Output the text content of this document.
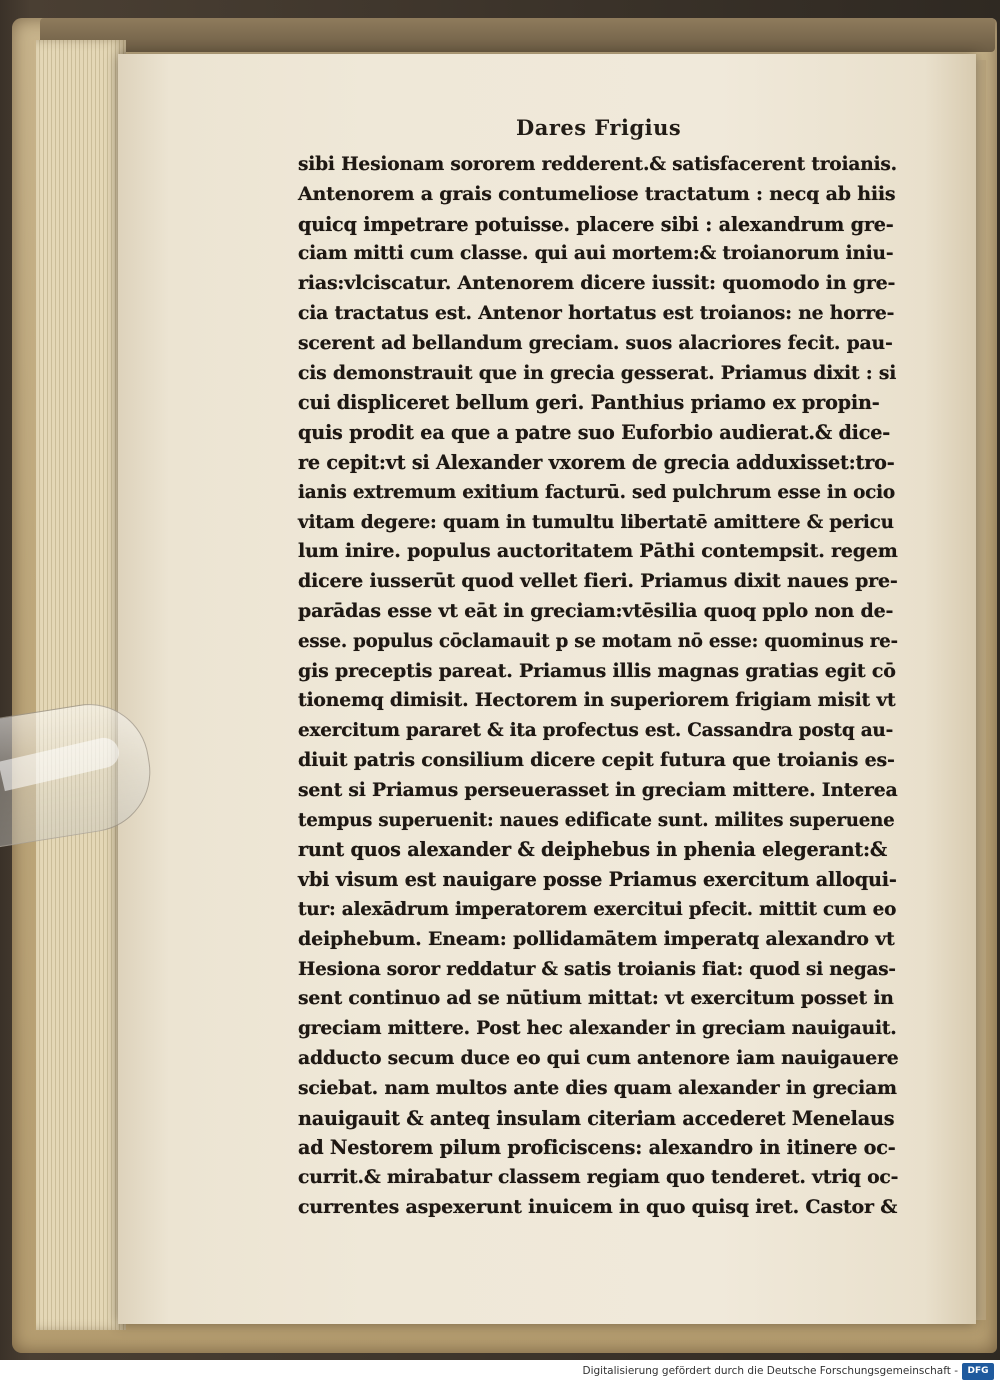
Dares Frigius

sibi Hesionam sororem redderent.& satisfacerent troianis.
Antenorem a grais contumeliose tractatum : necq ab hiis
quicq impetrare potuisse. placere sibi : alexandrum gre-
ciam mitti cum classe. qui aui mortem:& troianorum iniu-
rias:vlciscatur. Antenorem dicere iussit: quomodo in gre-
cia tractatus est. Antenor hortatus est troianos: ne horre-
scerent ad bellandum greciam. suos alacriores fecit. pau-
cis demonstrauit que in grecia gesserat. Priamus dixit : si
cui displiceret bellum geri. Panthius priamo ex propin-
quis prodit ea que a patre suo Euforbio audierat.& dice-
re cepit:vt si Alexander vxorem de grecia adduxisset:tro-
ianis extremum exitium facturū. sed pulchrum esse in ocio
vitam degere: quam in tumultu libertatē amittere & pericu
lum inire. populus auctoritatem Pāthi contempsit. regem
dicere iusserūt quod vellet fieri. Priamus dixit naues pre-
parādas esse vt eāt in greciam:vtēsilia quoq pplo non de-
esse. populus cōclamauit p se motam nō esse: quominus re-
gis preceptis pareat. Priamus illis magnas gratias egit cō
tionemq dimisit. Hectorem in superiorem frigiam misit vt
exercitum pararet & ita profectus est. Cassandra postq au-
diuit patris consilium dicere cepit futura que troianis es-
sent si Priamus perseuerasset in greciam mittere. Interea
tempus superuenit: naues edificate sunt. milites superuene
runt quos alexander & deiphebus in phenia elegerant:&
vbi visum est nauigare posse Priamus exercitum alloqui-
tur: alexādrum imperatorem exercitui pfecit. mittit cum eo
deiphebum. Eneam: pollidamātem imperatq alexandro vt
Hesiona soror reddatur & satis troianis fiat: quod si negas-
sent continuo ad se nūtium mittat: vt exercitum posset in
greciam mittere. Post hec alexander in greciam nauigauit.
adducto secum duce eo qui cum antenore iam nauigauere
sciebat. nam multos ante dies quam alexander in greciam
nauigauit & anteq insulam citeriam accederet Menelaus
ad Nestorem pilum proficiscens: alexandro in itinere oc-
currit.& mirabatur classem regiam quo tenderet. vtriq oc-
currentes aspexerunt inuicem in quo quisq iret. Castor &
Digitalisierung gefördert durch die Deutsche Forschungsgemeinschaft -	DFG
